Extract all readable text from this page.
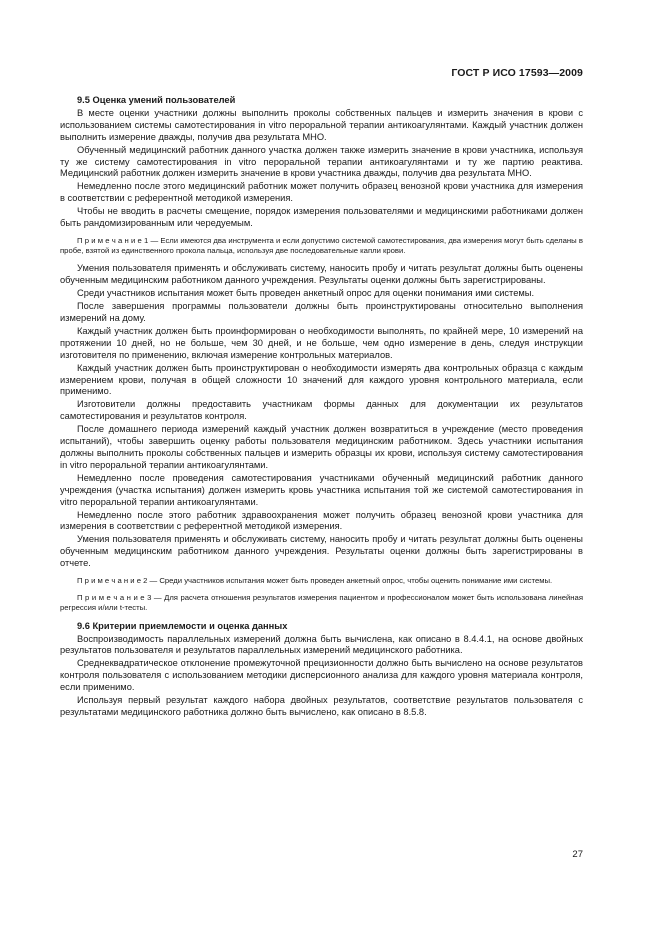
ГОСТ Р ИСО 17593—2009
9.5 Оценка умений пользователей

В месте оценки участники должны выполнить проколы собственных пальцев и измерить значения в крови с использованием системы самотестирования in vitro пероральной терапии антикоагулянтами. Каждый участник должен выполнить измерение дважды, получив два результата МНО.

Обученный медицинский работник данного участка должен также измерить значение в крови участника, используя ту же систему самотестирования in vitro пероральной терапии антикоагулянтами и ту же партию реактива. Медицинский работник должен измерить значение в крови участника дважды, получив два результата МНО.

Немедленно после этого медицинский работник может получить образец венозной крови участника для измерения в соответствии с референтной методикой измерения.

Чтобы не вводить в расчеты смещение, порядок измерения пользователями и медицинскими работниками должен быть рандомизированным или чередуемым.

П р и м е ч а н и е 1 — Если имеются два инструмента и если допустимо системой самотестирования, два измерения могут быть сделаны в пробе, взятой из единственного прокола пальца, используя две последовательные капли крови.

Умения пользователя применять и обслуживать систему, наносить пробу и читать результат должны быть оценены обученным медицинским работником данного учреждения. Результаты оценки должны быть зарегистрированы.

Среди участников испытания может быть проведен анкетный опрос для оценки понимания ими системы.

После завершения программы пользователи должны быть проинструктированы относительно выполнения измерений на дому.

Каждый участник должен быть проинформирован о необходимости выполнять, по крайней мере, 10 измерений на протяжении 10 дней, но не больше, чем 30 дней, и не больше, чем одно измерение в день, следуя инструкции изготовителя по применению, включая измерение контрольных материалов.

Каждый участник должен быть проинструктирован о необходимости измерять два контрольных образца с каждым измерением крови, получая в общей сложности 10 значений для каждого уровня контрольного материала, если применимо.

Изготовители должны предоставить участникам формы данных для документации их результатов самотестирования и результатов контроля.

После домашнего периода измерений каждый участник должен возвратиться в учреждение (место проведения испытаний), чтобы завершить оценку работы пользователя медицинским работником. Здесь участники испытания должны выполнить проколы собственных пальцев и измерить образцы их крови, используя систему самотестирования in vitro пероральной терапии антикоагулянтами.

Немедленно после проведения самотестирования участниками обученный медицинский работник данного учреждения (участка испытания) должен измерить кровь участника испытания той же системой самотестирования in vitro пероральной терапии антикоагулянтами.

Немедленно после этого работник здравоохранения может получить образец венозной крови участника для измерения в соответствии с референтной методикой измерения.

Умения пользователя применять и обслуживать систему, наносить пробу и читать результат должны быть оценены обученным медицинским работником данного учреждения. Результаты оценки должны быть зарегистрированы в отчете.

П р и м е ч а н и е 2 — Среди участников испытания может быть проведен анкетный опрос, чтобы оценить понимание ими системы.

П р и м е ч а н и е 3 — Для расчета отношения результатов измерения пациентом и профессионалом может быть использована линейная регрессия и/или t-тесты.

9.6 Критерии приемлемости и оценка данных

Воспроизводимость параллельных измерений должна быть вычислена, как описано в 8.4.4.1, на основе двойных результатов пользователя и результатов параллельных измерений медицинского работника.

Среднеквадратическое отклонение промежуточной прецизионности должно быть вычислено на основе результатов контроля пользователя с использованием методики дисперсионного анализа для каждого уровня материала контроля, если применимо.

Используя первый результат каждого набора двойных результатов, соответствие результатов пользователя с результатами медицинского работника должно быть вычислено, как описано в 8.5.8.

27
